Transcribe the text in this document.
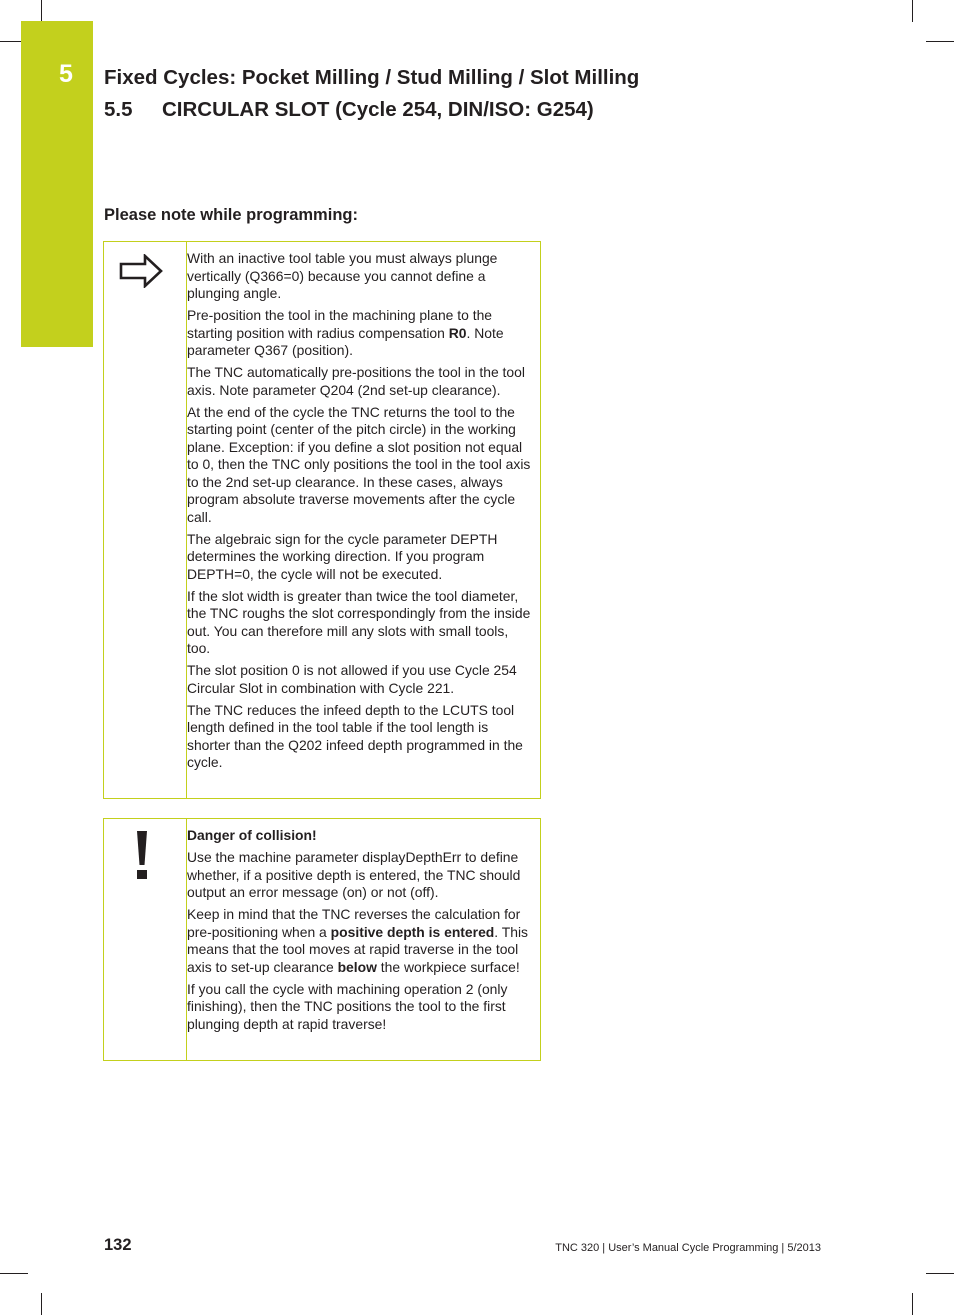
5 Fixed Cycles: Pocket Milling / Stud Milling / Slot Milling
5.5 CIRCULAR SLOT (Cycle 254, DIN/ISO: G254)
Please note while programming:

With an inactive tool table you must always plunge vertically (Q366=0) because you cannot define a plunging angle.

Pre-position the tool in the machining plane to the starting position with radius compensation R0. Note parameter Q367 (position).

The TNC automatically pre-positions the tool in the tool axis. Note parameter Q204 (2nd set-up clearance).

At the end of the cycle the TNC returns the tool to the starting point (center of the pitch circle) in the working plane. Exception: if you define a slot position not equal to 0, then the TNC only positions the tool in the tool axis to the 2nd set-up clearance. In these cases, always program absolute traverse movements after the cycle call.

The algebraic sign for the cycle parameter DEPTH determines the working direction. If you program DEPTH=0, the cycle will not be executed.

If the slot width is greater than twice the tool diameter, the TNC roughs the slot correspondingly from the inside out. You can therefore mill any slots with small tools, too.

The slot position 0 is not allowed if you use Cycle 254 Circular Slot in combination with Cycle 221.

The TNC reduces the infeed depth to the LCUTS tool length defined in the tool table if the tool length is shorter than the Q202 infeed depth programmed in the cycle.

Danger of collision!

Use the machine parameter displayDepthErr to define whether, if a positive depth is entered, the TNC should output an error message (on) or not (off).

Keep in mind that the TNC reverses the calculation for pre-positioning when a positive depth is entered. This means that the tool moves at rapid traverse in the tool axis to set-up clearance below the workpiece surface!

If you call the cycle with machining operation 2 (only finishing), then the TNC positions the tool to the first plunging depth at rapid traverse!

132	TNC 320 | User’s Manual Cycle Programming | 5/2013
